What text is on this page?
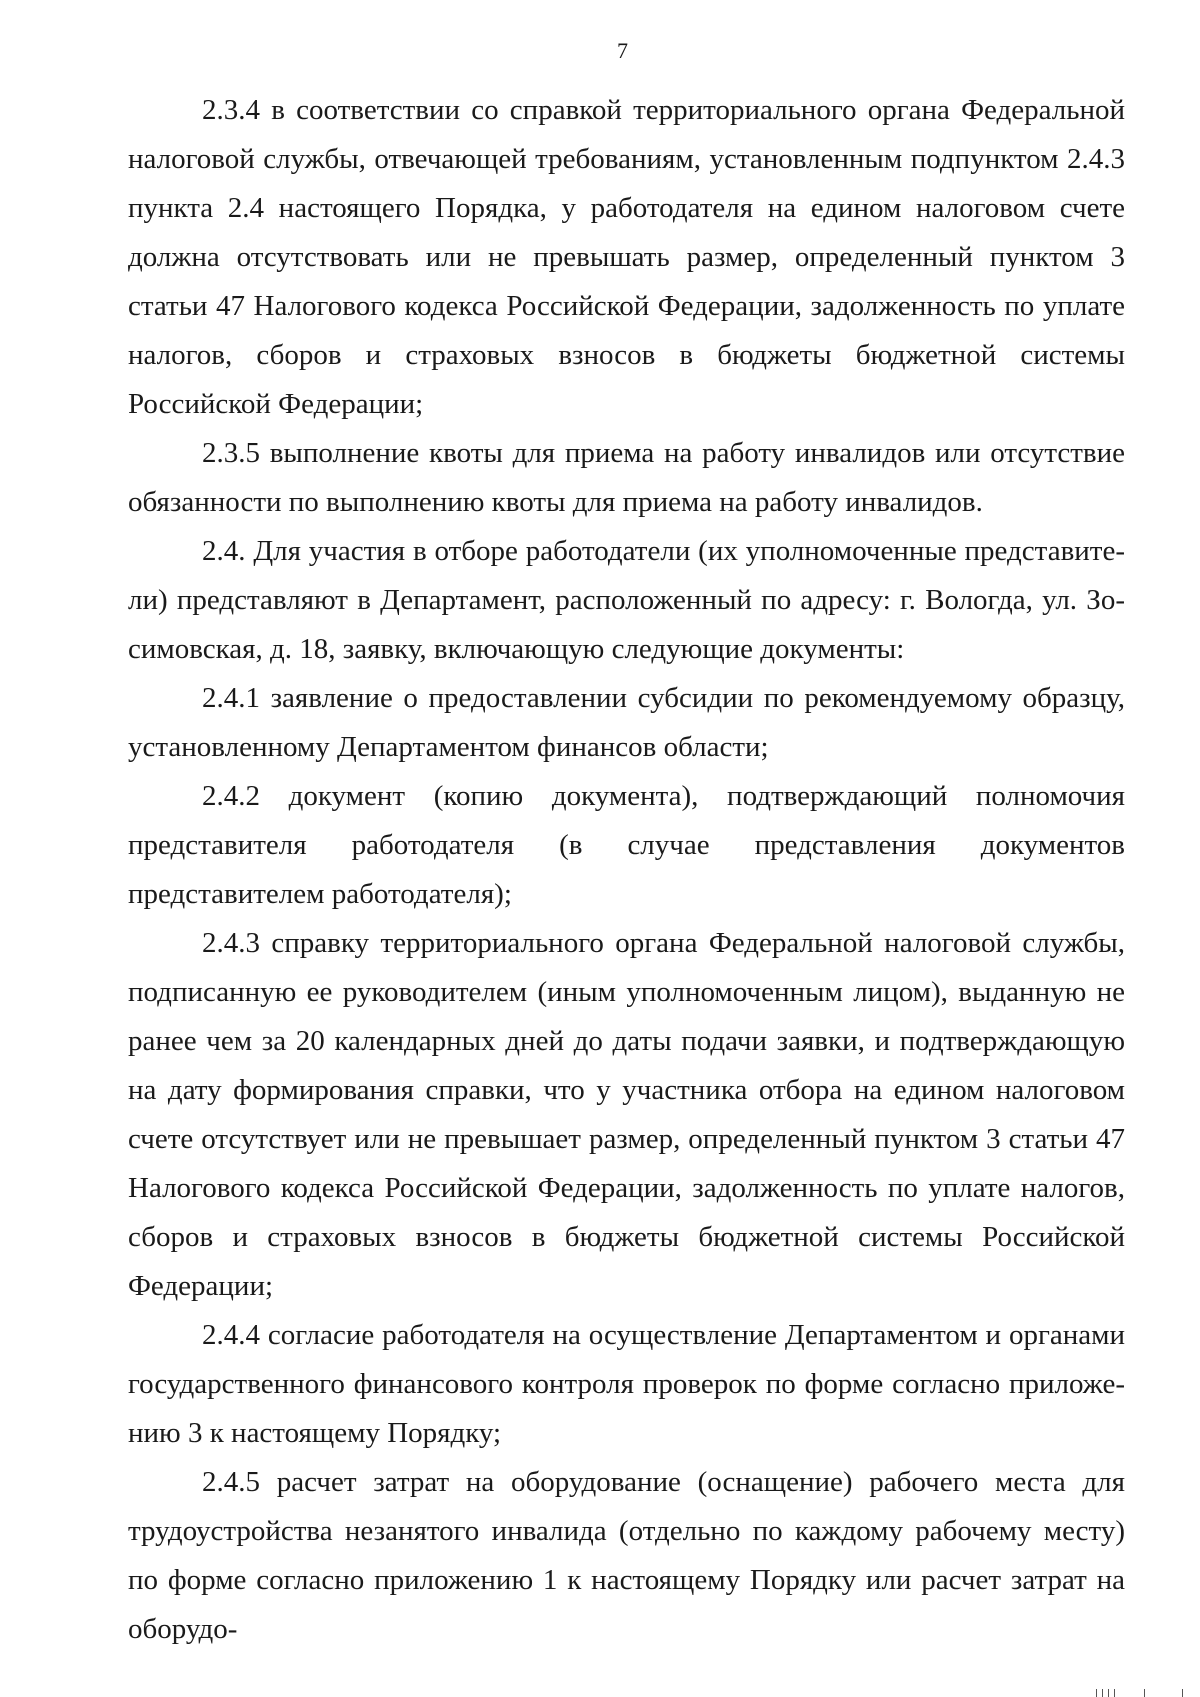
7

2.3.4 в соответствии со справкой территориального органа Федеральной налоговой службы, отвечающей требованиям, установленным подпунктом 2.4.3 пункта 2.4 настоящего Порядка, у работодателя на едином налоговом счете должна отсутствовать или не превышать размер, определенный пунктом 3 статьи 47 Налогового кодекса Российской Федерации, задолженность по уплате налогов, сборов и страховых взносов в бюджеты бюджетной системы Российской Федерации;

2.3.5 выполнение квоты для приема на работу инвалидов или отсутствие обязанности по выполнению квоты для приема на работу инвалидов.

2.4. Для участия в отборе работодатели (их уполномоченные представители) представляют в Департамент, расположенный по адресу: г. Вологда, ул. Зосимовская, д. 18, заявку, включающую следующие документы:

2.4.1 заявление о предоставлении субсидии по рекомендуемому образцу, установленному Департаментом финансов области;

2.4.2 документ (копию документа), подтверждающий полномочия представителя работодателя (в случае представления документов представителем работодателя);

2.4.3 справку территориального органа Федеральной налоговой службы, подписанную ее руководителем (иным уполномоченным лицом), выданную не ранее чем за 20 календарных дней до даты подачи заявки, и подтверждающую на дату формирования справки, что у участника отбора на едином налоговом счете отсутствует или не превышает размер, определенный пунктом 3 статьи 47 Налогового кодекса Российской Федерации, задолженность по уплате налогов, сборов и страховых взносов в бюджеты бюджетной системы Российской Федерации;

2.4.4 согласие работодателя на осуществление Департаментом и органами государственного финансового контроля проверок по форме согласно приложению 3 к настоящему Порядку;

2.4.5 расчет затрат на оборудование (оснащение) рабочего места для трудоустройства незанятого инвалида (отдельно по каждому рабочему месту) по форме согласно приложению 1 к настоящему Порядку или расчет затрат на оборудо-
